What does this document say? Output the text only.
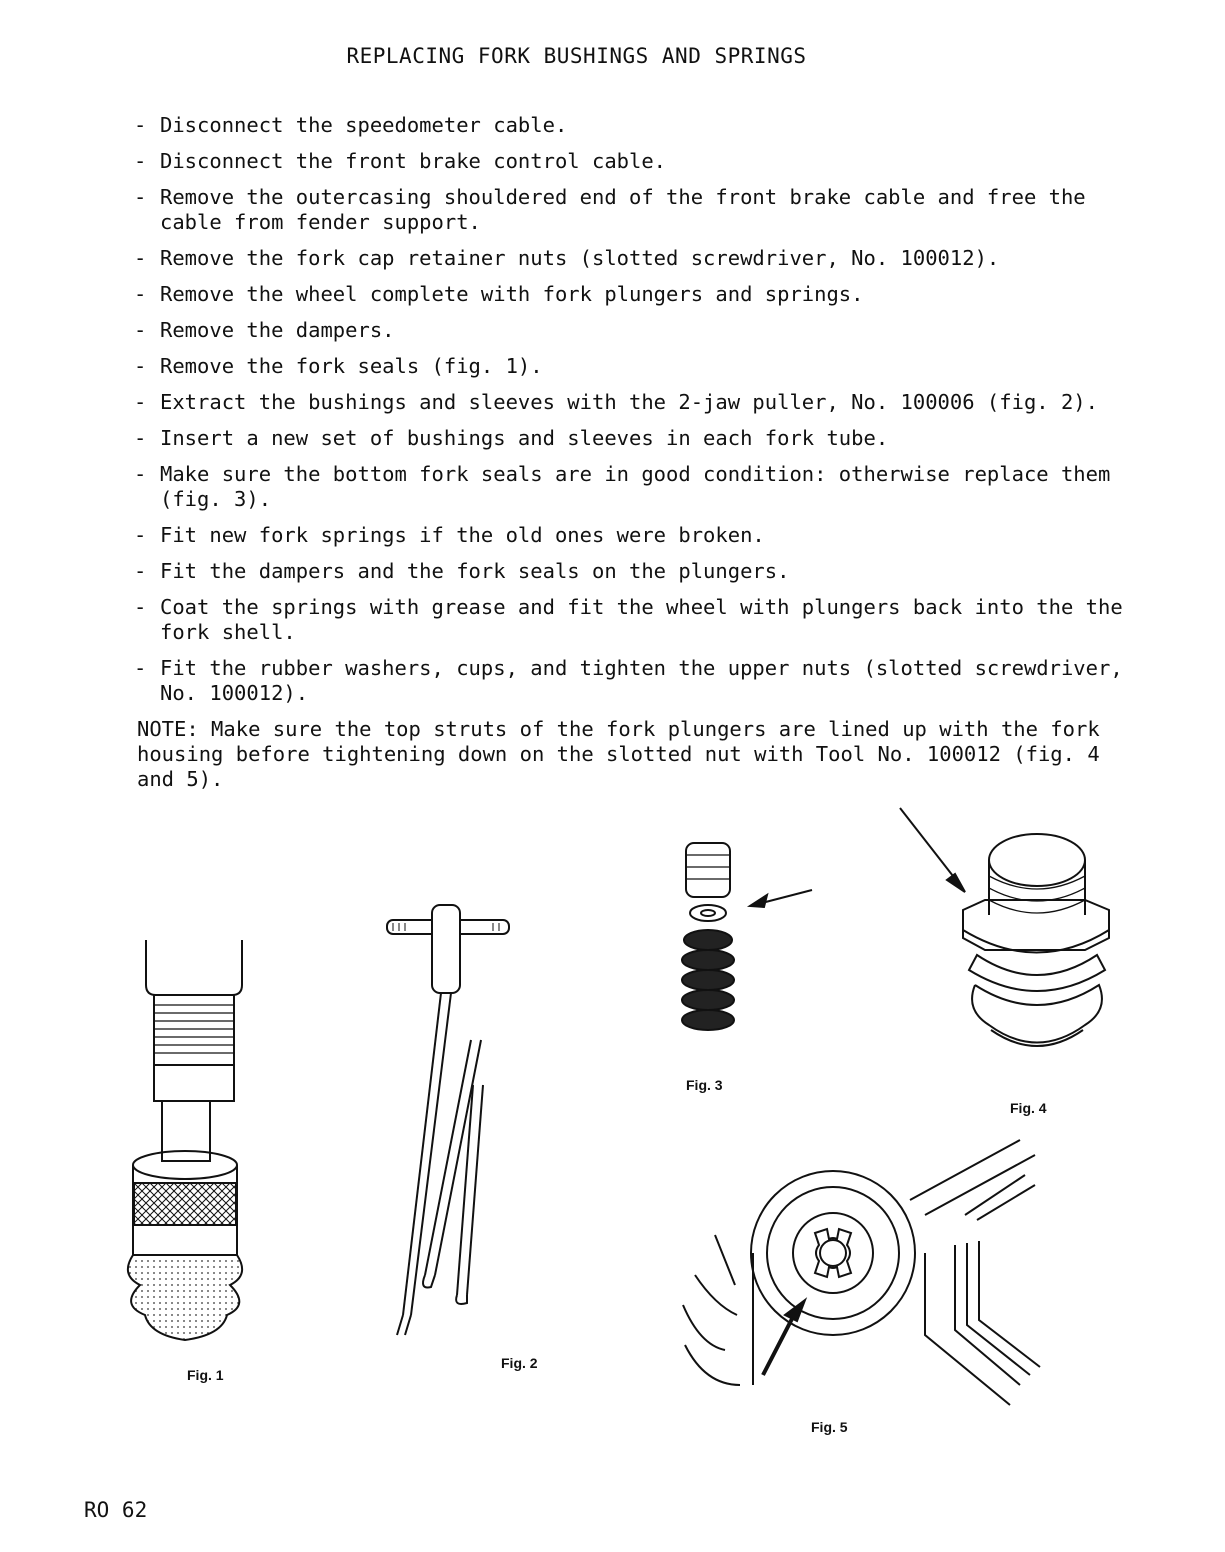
REPLACING FORK BUSHINGS AND SPRINGS
- Disconnect the speedometer cable.
- Disconnect the front brake control cable.
- Remove the outercasing shouldered end of the front brake cable and free the cable from fender support.
- Remove the fork cap retainer nuts (slotted screwdriver, No. 100012).
- Remove the wheel complete with fork plungers and springs.
- Remove the dampers.
- Remove the fork seals (fig. 1).
- Extract the bushings and sleeves with the 2-jaw puller, No. 100006 (fig. 2).
- Insert a new set of bushings and sleeves in each fork tube.
- Make sure the bottom fork seals are in good condition: otherwise replace them (fig. 3).
- Fit new fork springs if the old ones were broken.
- Fit the dampers and the fork seals on the plungers.
- Coat the springs with grease and fit the wheel with plungers back into the the fork shell.
- Fit the rubber washers, cups, and tighten the upper nuts (slotted screwdriver, No. 100012).

NOTE: Make sure the top struts of the fork plungers are lined up with the fork housing before tightening down on the slotted nut with Tool No. 100012 (fig. 4 and 5).

Fig. 1
Fig. 2
Fig. 3
Fig. 4
Fig. 5
RO 62
